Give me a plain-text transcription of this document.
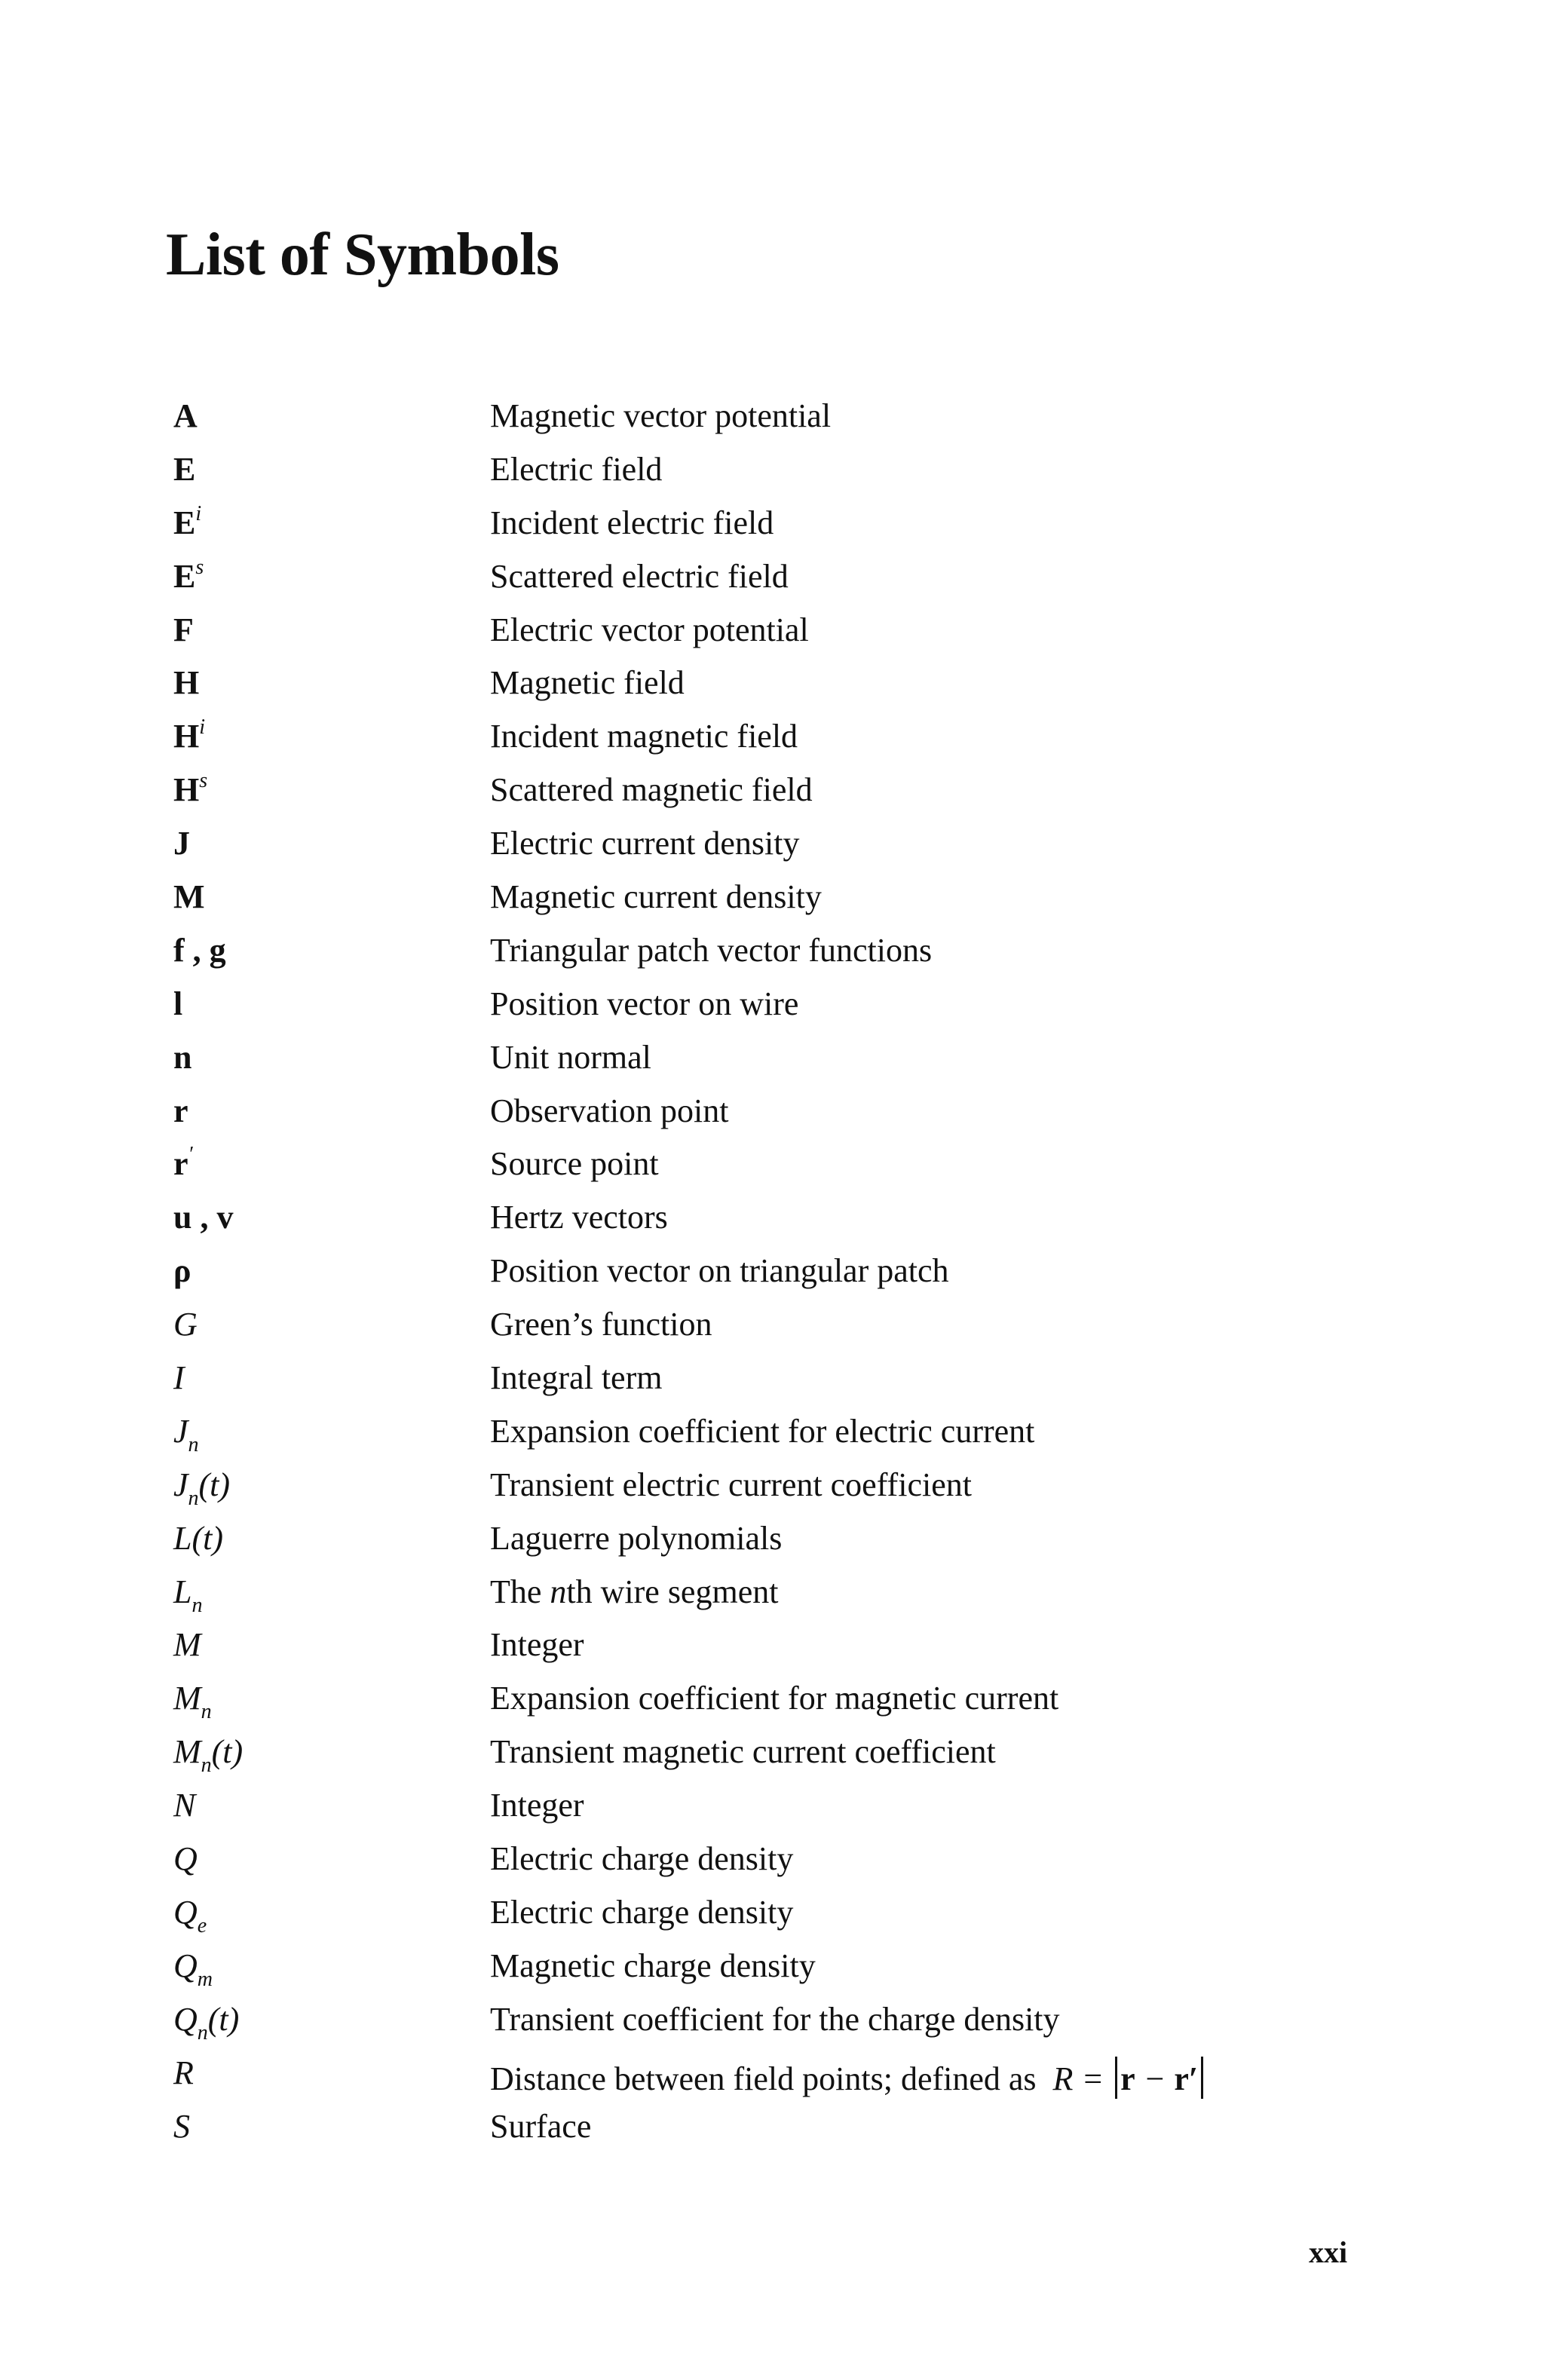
List of Symbols
A	Magnetic vector potential
E	Electric field
$E^i$	Incident electric field
$E^s$	Scattered electric field
F	Electric vector potential
H	Magnetic field
$H^i$	Incident magnetic field
$H^s$	Scattered magnetic field
J	Electric current density
M	Magnetic current density
f , g	Triangular patch vector functions
l	Position vector on wire
n	Unit normal
r	Observation point
r′	Source point
u , v	Hertz vectors
ρ	Position vector on triangular patch
G	Green’s function
I	Integral term
$J_n$	Expansion coefficient for electric current
$J_n(t)$	Transient electric current coefficient
L(t)	Laguerre polynomials
$L_n$	The nth wire segment
M	Integer
$M_n$	Expansion coefficient for magnetic current
$M_n(t)$	Transient magnetic current coefficient
N	Integer
Q	Electric charge density
$Q_e$	Electric charge density
$Q_m$	Magnetic charge density
$Q_n(t)$	Transient coefficient for the charge density
R	Distance between field points; defined as R = r − r′
S	Surface
xxi
